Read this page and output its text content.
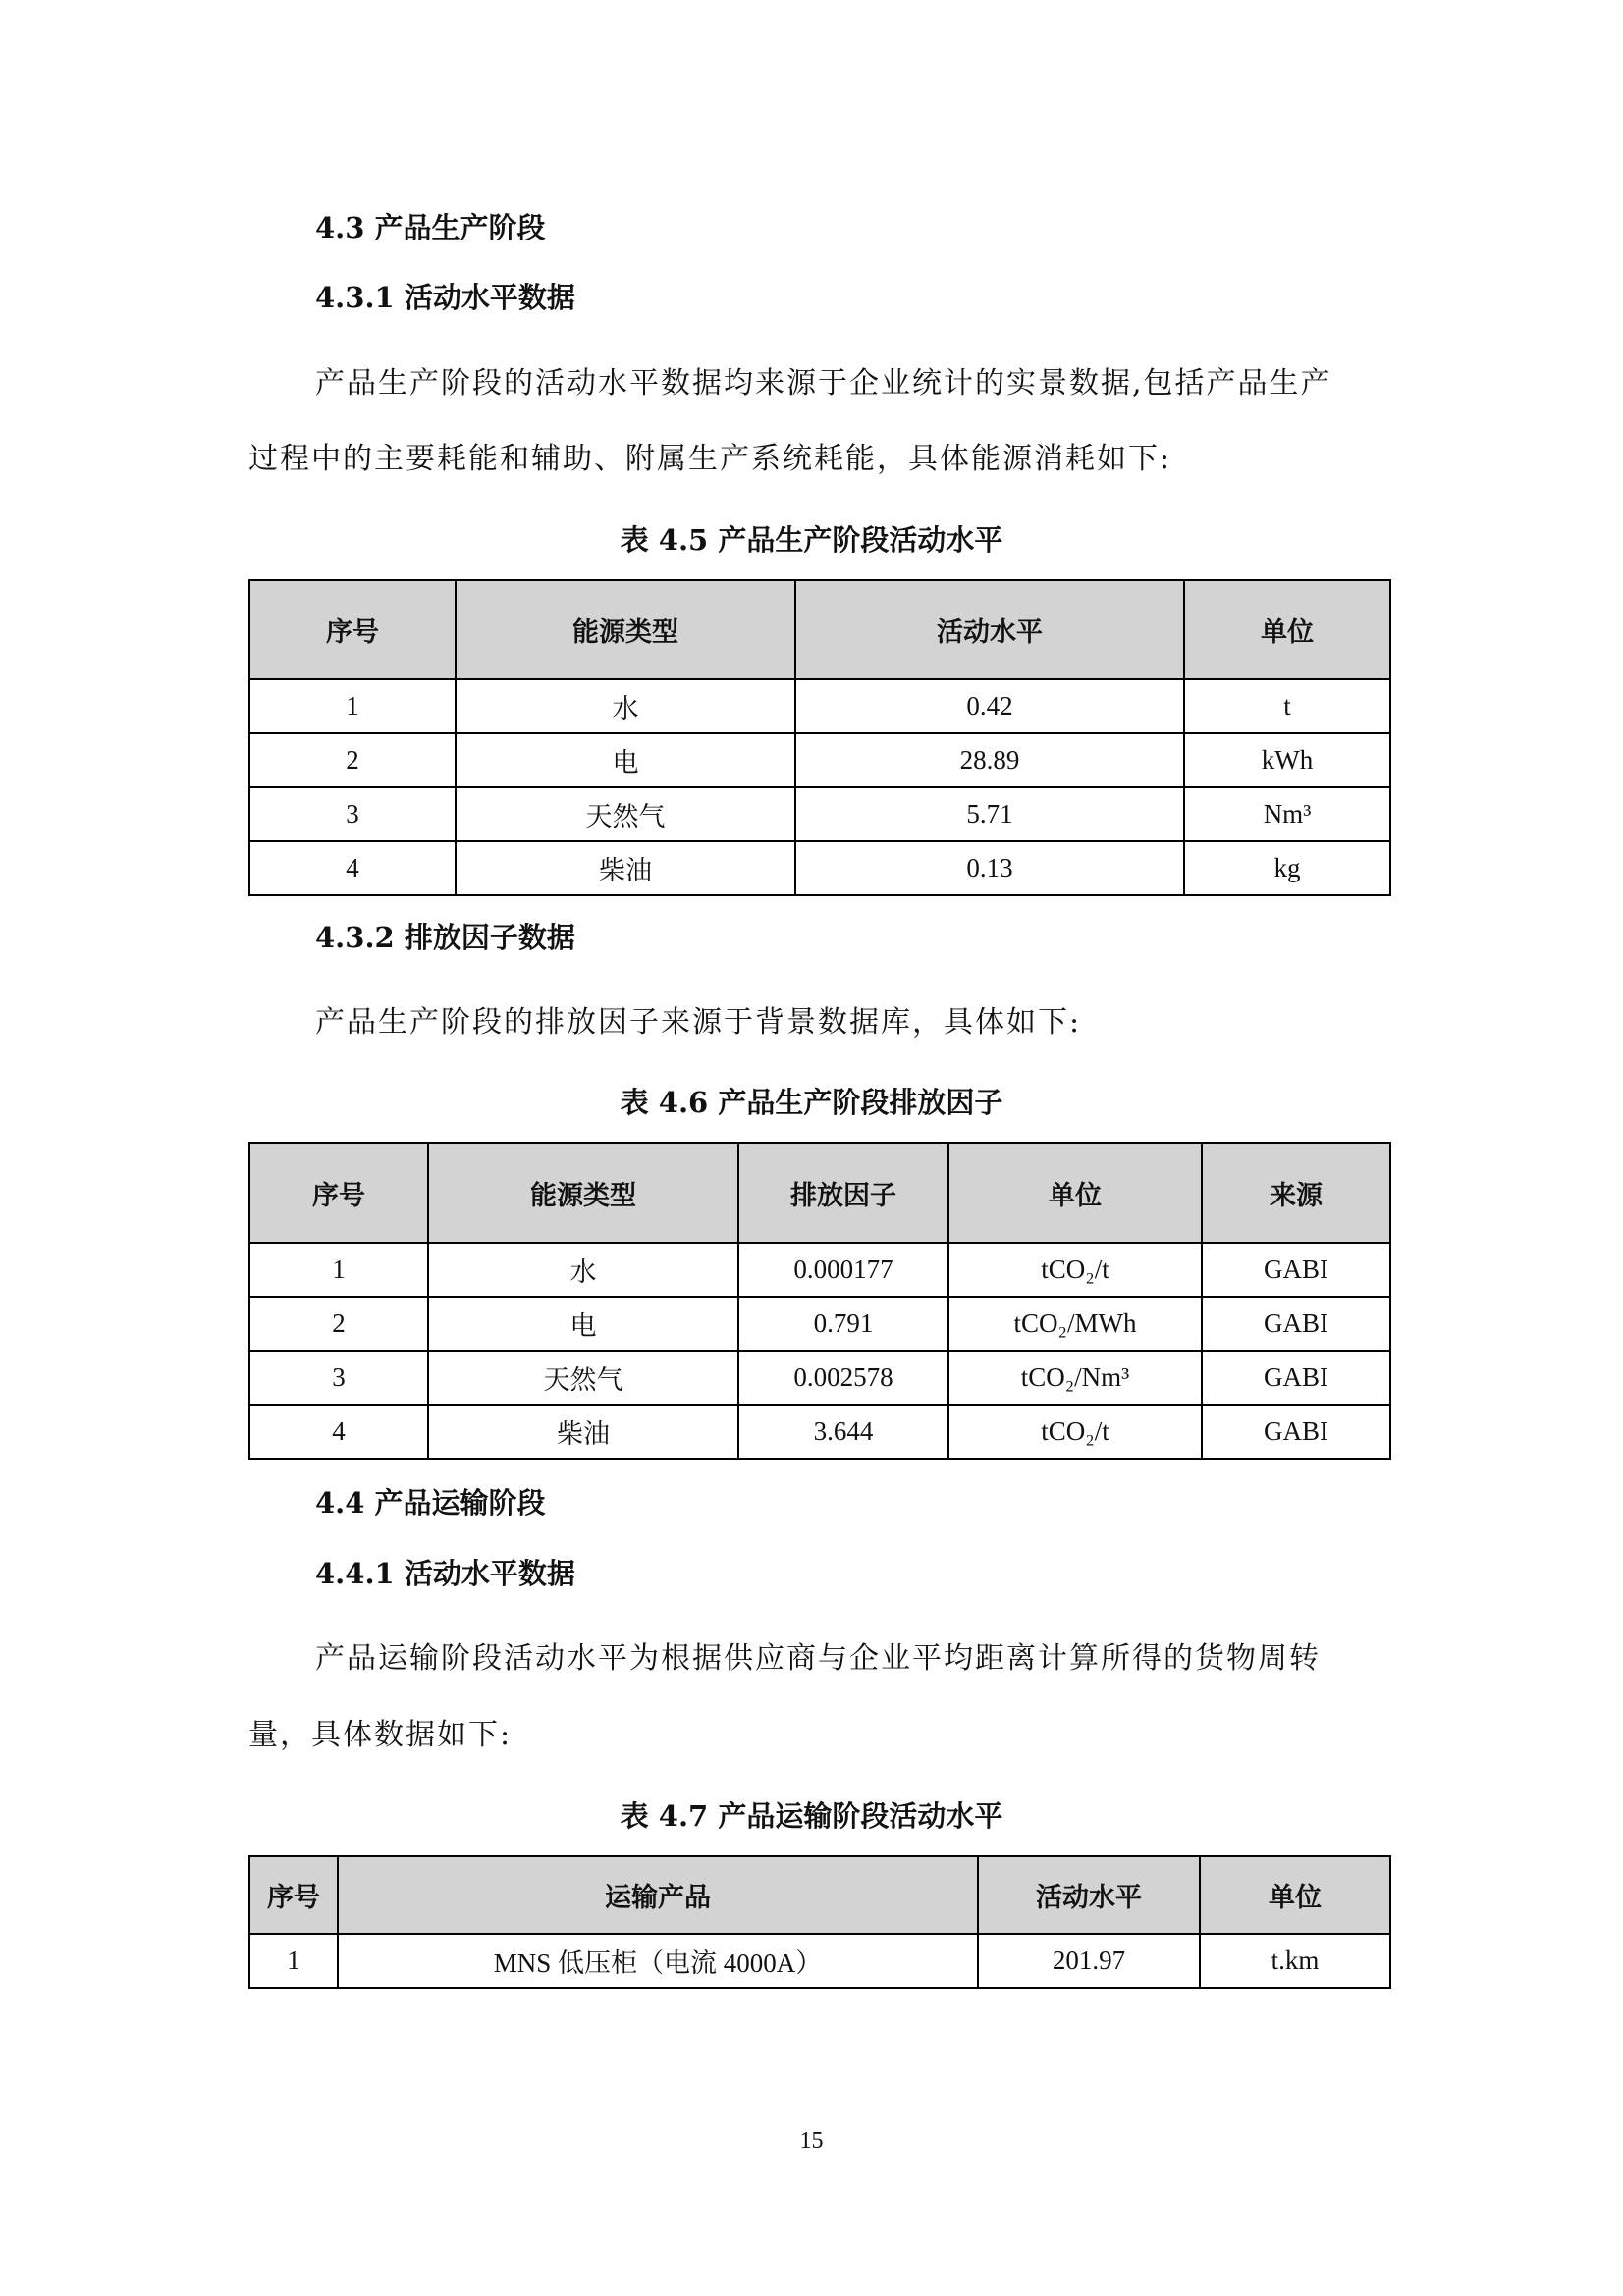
4.3 产品生产阶段
4.3.1 活动水平数据
产品生产阶段的活动水平数据均来源于企业统计的实景数据,包括产品生产
过程中的主要耗能和辅助、附属生产系统耗能，具体能源消耗如下:
表 4.5 产品生产阶段活动水平
序号	能源类型	活动水平	单位
1	水	0.42	t
2	电	28.89	kWh
3	天然气	5.71	Nm³
4	柴油	0.13	kg
4.3.2 排放因子数据
产品生产阶段的排放因子来源于背景数据库，具体如下:
表 4.6 产品生产阶段排放因子
序号	能源类型	排放因子	单位	来源
1	水	0.000177	tCO₂/t	GABI
2	电	0.791	tCO₂/MWh	GABI
3	天然气	0.002578	tCO₂/Nm³	GABI
4	柴油	3.644	tCO₂/t	GABI
4.4 产品运输阶段
4.4.1 活动水平数据
产品运输阶段活动水平为根据供应商与企业平均距离计算所得的货物周转
量，具体数据如下:
表 4.7 产品运输阶段活动水平
序号	运输产品	活动水平	单位
1	MNS 低压柜（电流 4000A）	201.97	t.km
15
